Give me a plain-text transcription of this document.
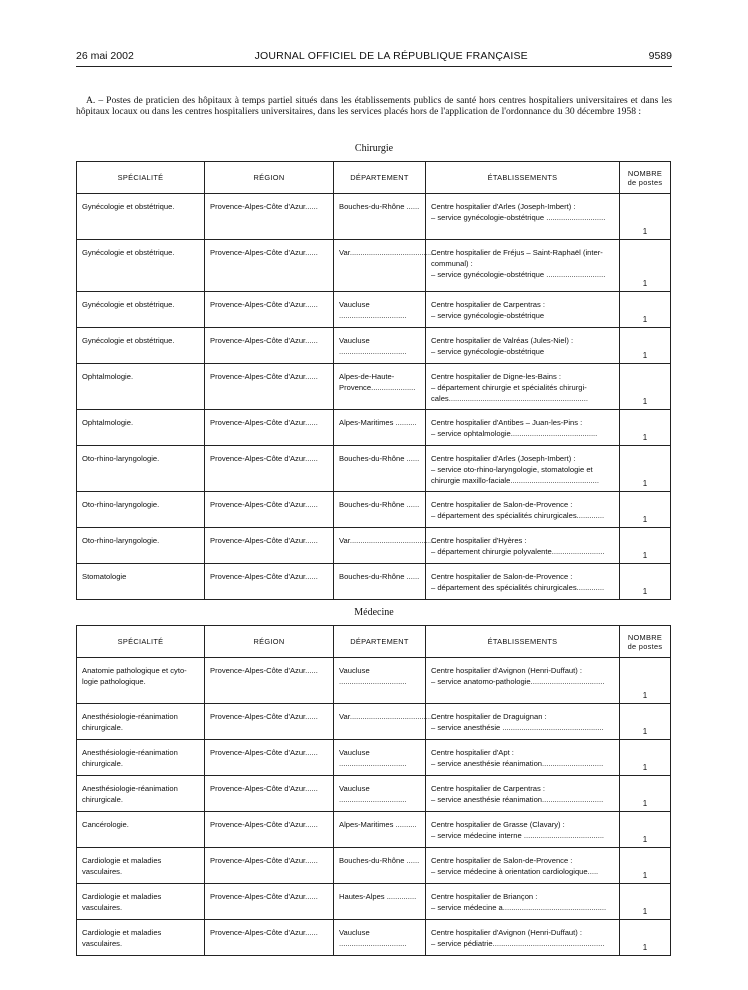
26 mai 2002	JOURNAL OFFICIEL DE LA RÉPUBLIQUE FRANÇAISE	9589

A. – Postes de praticien des hôpitaux à temps partiel situés dans les établissements publics de santé hors centres hospitaliers universitaires et dans les hôpitaux locaux ou dans les centres hospitaliers universitaires, dans les services placés hors de l'application de l'ordonnance du 30 décembre 1958 :

Chirurgie
SPÉCIALITÉ	RÉGION	DÉPARTEMENT	ÉTABLISSEMENTS	NOMBRE
de postes

Gynécologie et obstétrique.	Provence-Alpes-Côte d'Azur......	Bouches-du-Rhône ......	Centre hospitalier d'Arles (Joseph-Imbert) :
– service gynécologie-obstétrique ............................	1

Gynécologie et obstétrique.	Provence-Alpes-Côte d'Azur......	Var.........................................	Centre hospitalier de Fréjus – Saint-Raphaël (inter-
communal) :
– service gynécologie-obstétrique ............................	1

Gynécologie et obstétrique.	Provence-Alpes-Côte d'Azur......	Vaucluse ................................	Centre hospitalier de Carpentras :
– service gynécologie-obstétrique	1

Gynécologie et obstétrique.	Provence-Alpes-Côte d'Azur......	Vaucluse ................................	Centre hospitalier de Valréas (Jules-Niel) :
– service gynécologie-obstétrique	1

Ophtalmologie.	Provence-Alpes-Côte d'Azur......	Alpes-de-Haute-
Provence.....................	Centre hospitalier de Digne-les-Bains :
– département chirurgie et spécialités chirurgi-
cales..................................................................	1

Ophtalmologie.	Provence-Alpes-Côte d'Azur......	Alpes-Maritimes ..........	Centre hospitalier d'Antibes – Juan-les-Pins :
– service ophtalmologie.........................................	1

Oto-rhino-laryngologie.	Provence-Alpes-Côte d'Azur......	Bouches-du-Rhône ......	Centre hospitalier d'Arles (Joseph-Imbert) :
– service oto-rhino-laryngologie, stomatologie et
chirurgie maxillo-faciale..........................................	1

Oto-rhino-laryngologie.	Provence-Alpes-Côte d'Azur......	Bouches-du-Rhône ......	Centre hospitalier de Salon-de-Provence :
– département des spécialités chirurgicales.............	1

Oto-rhino-laryngologie.	Provence-Alpes-Côte d'Azur......	Var.........................................	Centre hospitalier d'Hyères :
– département chirurgie polyvalente.........................	1

Stomatologie	Provence-Alpes-Côte d'Azur......	Bouches-du-Rhône ......	Centre hospitalier de Salon-de-Provence :
– département des spécialités chirurgicales.............	1
Médecine
SPÉCIALITÉ	RÉGION	DÉPARTEMENT	ÉTABLISSEMENTS	NOMBRE
de postes

Anatomie pathologique et cyto-
logie pathologique.	Provence-Alpes-Côte d'Azur......	Vaucluse ................................	Centre hospitalier d'Avignon (Henri-Duffaut) :
– service anatomo-pathologie...................................	1

Anesthésiologie-réanimation
chirurgicale.	Provence-Alpes-Côte d'Azur......	Var.........................................	Centre hospitalier de Draguignan :
– service anesthésie ................................................	1

Anesthésiologie-réanimation
chirurgicale.	Provence-Alpes-Côte d'Azur......	Vaucluse ................................	Centre hospitalier d'Apt :
– service anesthésie réanimation.............................	1

Anesthésiologie-réanimation
chirurgicale.	Provence-Alpes-Côte d'Azur......	Vaucluse ................................	Centre hospitalier de Carpentras :
– service anesthésie réanimation.............................	1

Cancérologie.	Provence-Alpes-Côte d'Azur......	Alpes-Maritimes ..........	Centre hospitalier de Grasse (Clavary) :
– service médecine interne ......................................	1

Cardiologie et maladies
vasculaires.	Provence-Alpes-Côte d'Azur......	Bouches-du-Rhône ......	Centre hospitalier de Salon-de-Provence :
– service médecine à orientation cardiologique.....	1

Cardiologie et maladies
vasculaires.	Provence-Alpes-Côte d'Azur......	Hautes-Alpes ..............	Centre hospitalier de Briançon :
– service médecine a.................................................	1

Cardiologie et maladies
vasculaires.	Provence-Alpes-Côte d'Azur......	Vaucluse ................................	Centre hospitalier d'Avignon (Henri-Duffaut) :
– service pédiatrie.....................................................	1
